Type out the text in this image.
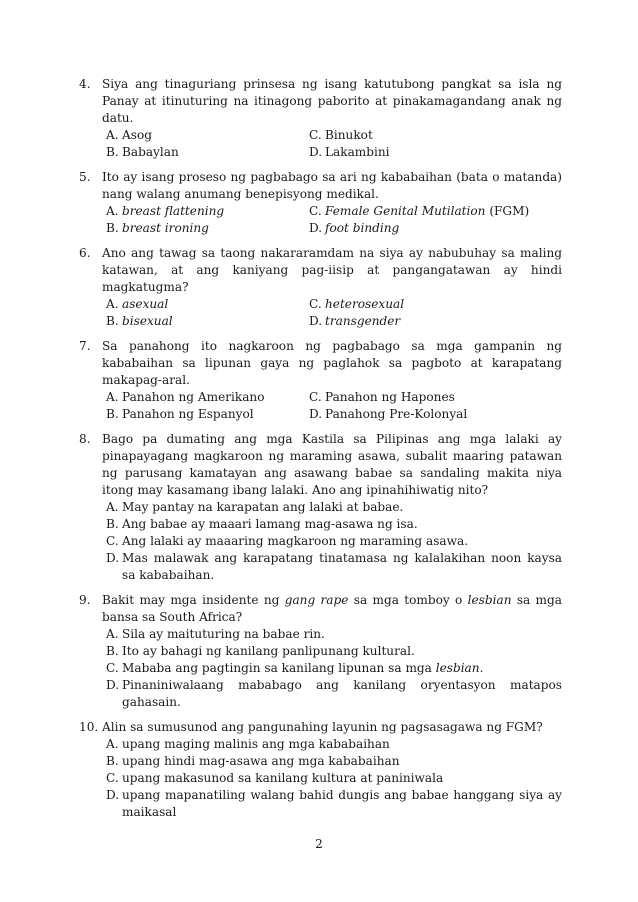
4. Siya ang tinaguriang prinsesa ng isang katutubong pangkat sa isla ng Panay at itinuturing na itinagong paborito at pinakamagandang anak ng datu.
A. Asog	C. Binukot
B. Babaylan	D. Lakambini
5. Ito ay isang proseso ng pagbabago sa ari ng kababaihan (bata o matanda) nang walang anumang benepisyong medikal.
A. breast flattening	C. Female Genital Mutilation (FGM)
B. breast ironing	D. foot binding
6. Ano ang tawag sa taong nakararamdam na siya ay nabubuhay sa maling katawan, at ang kaniyang pag-iisip at pangangatawan ay hindi magkatugma?
A. asexual	C. heterosexual
B. bisexual	D. transgender
7. Sa panahong ito nagkaroon ng pagbabago sa mga gampanin ng kababaihan sa lipunan gaya ng paglahok sa pagboto at karapatang makapag-aral.
A. Panahon ng Amerikano	C. Panahon ng Hapones
B. Panahon ng Espanyol	D. Panahong Pre-Kolonyal
8. Bago pa dumating ang mga Kastila sa Pilipinas ang mga lalaki ay pinapayagang magkaroon ng maraming asawa, subalit maaring patawan ng parusang kamatayan ang asawang babae sa sandaling makita niya itong may kasamang ibang lalaki. Ano ang ipinahihiwatig nito?
A. May pantay na karapatan ang lalaki at babae.
B. Ang babae ay maaari lamang mag-asawa ng isa.
C. Ang lalaki ay maaaring magkaroon ng maraming asawa.
D. Mas malawak ang karapatang tinatamasa ng kalalakihan noon kaysa sa kababaihan.
9. Bakit may mga insidente ng gang rape sa mga tomboy o lesbian sa mga bansa sa South Africa?
A. Sila ay maituturing na babae rin.
B. Ito ay bahagi ng kanilang panlipunang kultural.
C. Mababa ang pagtingin sa kanilang lipunan sa mga lesbian.
D. Pinaniniwalaang mababago ang kanilang oryentasyon matapos gahasain.
10. Alin sa sumusunod ang pangunahing layunin ng pagsasagawa ng FGM?
A. upang maging malinis ang mga kababaihan
B. upang hindi mag-asawa ang mga kababaihan
C. upang makasunod sa kanilang kultura at paniniwala
D. upang mapanatiling walang bahid dungis ang babae hanggang siya ay maikasal
2
